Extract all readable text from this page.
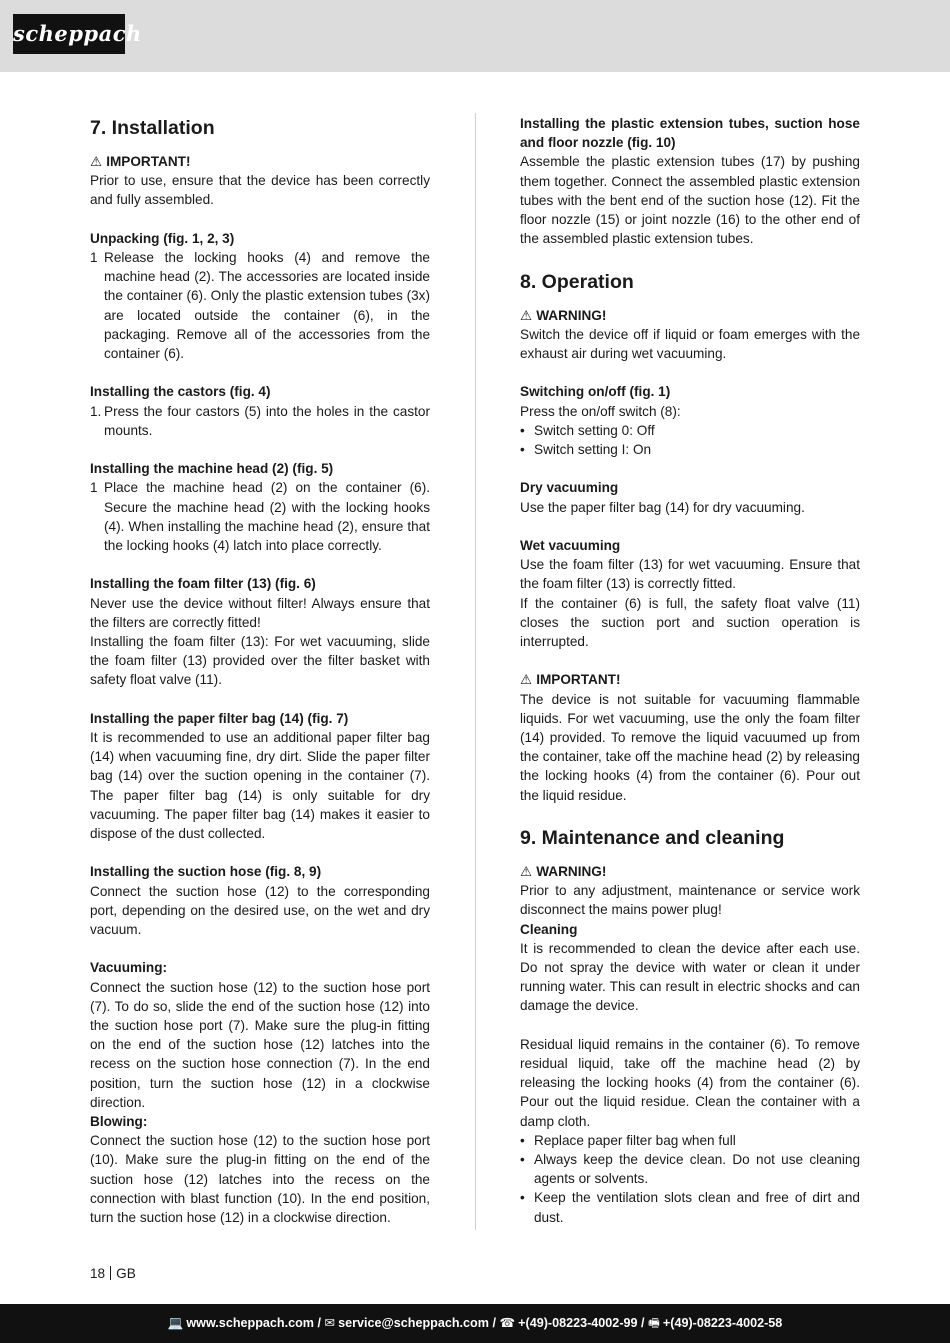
scheppach
7. Installation

⚠ IMPORTANT!

Prior to use, ensure that the device has been correctly and fully assembled.

Unpacking (fig. 1, 2, 3)

1 Release the locking hooks (4) and remove the machine head (2). The accessories are located inside the container (6). Only the plastic extension tubes (3x) are located outside the container (6), in the packaging. Remove all of the accessories from the container (6).

Installing the castors (fig. 4)

1. Press the four castors (5) into the holes in the castor mounts.

Installing the machine head (2) (fig. 5)

1 Place the machine head (2) on the container (6). Secure the machine head (2) with the locking hooks (4). When installing the machine head (2), ensure that the locking hooks (4) latch into place correctly.

Installing the foam filter (13) (fig. 6)

Never use the device without filter! Always ensure that the filters are correctly fitted!

Installing the foam filter (13): For wet vacuuming, slide the foam filter (13) provided over the filter basket with safety float valve (11).

Installing the paper filter bag (14) (fig. 7)

It is recommended to use an additional paper filter bag (14) when vacuuming fine, dry dirt. Slide the paper filter bag (14) over the suction opening in the container (7). The paper filter bag (14) is only suitable for dry vacuuming. The paper filter bag (14) makes it easier to dispose of the dust collected.

Installing the suction hose (fig. 8, 9)

Connect the suction hose (12) to the corresponding port, depending on the desired use, on the wet and dry vacuum.

Vacuuming:

Connect the suction hose (12) to the suction hose port (7). To do so, slide the end of the suction hose (12) into the suction hose port (7). Make sure the plug-in fitting on the end of the suction hose (12) latches into the recess on the suction hose connection (7). In the end position, turn the suction hose (12) in a clockwise direction.

Blowing:

Connect the suction hose (12) to the suction hose port (10). Make sure the plug-in fitting on the end of the suction hose (12) latches into the recess on the connection with blast function (10). In the end position, turn the suction hose (12) in a clockwise direction.

Installing the plastic extension tubes, suction hose and floor nozzle (fig. 10)

Assemble the plastic extension tubes (17) by pushing them together. Connect the assembled plastic extension tubes with the bent end of the suction hose (12). Fit the floor nozzle (15) or joint nozzle (16) to the other end of the assembled plastic extension tubes.

8. Operation

⚠ WARNING!

Switch the device off if liquid or foam emerges with the exhaust air during wet vacuuming.

Switching on/off (fig. 1)

Press the on/off switch (8):

• Switch setting 0: Off
• Switch setting I: On

Dry vacuuming

Use the paper filter bag (14) for dry vacuuming.

Wet vacuuming

Use the foam filter (13) for wet vacuuming. Ensure that the foam filter (13) is correctly fitted.

If the container (6) is full, the safety float valve (11) closes the suction port and suction operation is interrupted.

⚠ IMPORTANT!

The device is not suitable for vacuuming flammable liquids. For wet vacuuming, use the only the foam filter (14) provided. To remove the liquid vacuumed up from the container, take off the machine head (2) by releasing the locking hooks (4) from the container (6). Pour out the liquid residue.

9. Maintenance and cleaning

⚠ WARNING!

Prior to any adjustment, maintenance or service work disconnect the mains power plug!

Cleaning

It is recommended to clean the device after each use. Do not spray the device with water or clean it under running water. This can result in electric shocks and can damage the device.

Residual liquid remains in the container (6). To remove residual liquid, take off the machine head (2) by releasing the locking hooks (4) from the container (6). Pour out the liquid residue. Clean the container with a damp cloth.

• Replace paper filter bag when full
• Always keep the device clean. Do not use cleaning agents or solvents.
• Keep the ventilation slots clean and free of dirt and dust.
18 GB
💻 www.scheppach.com / ✉ service@scheppach.com / ☎ +(49)-08223-4002-99 / 🖷 +(49)-08223-4002-58
